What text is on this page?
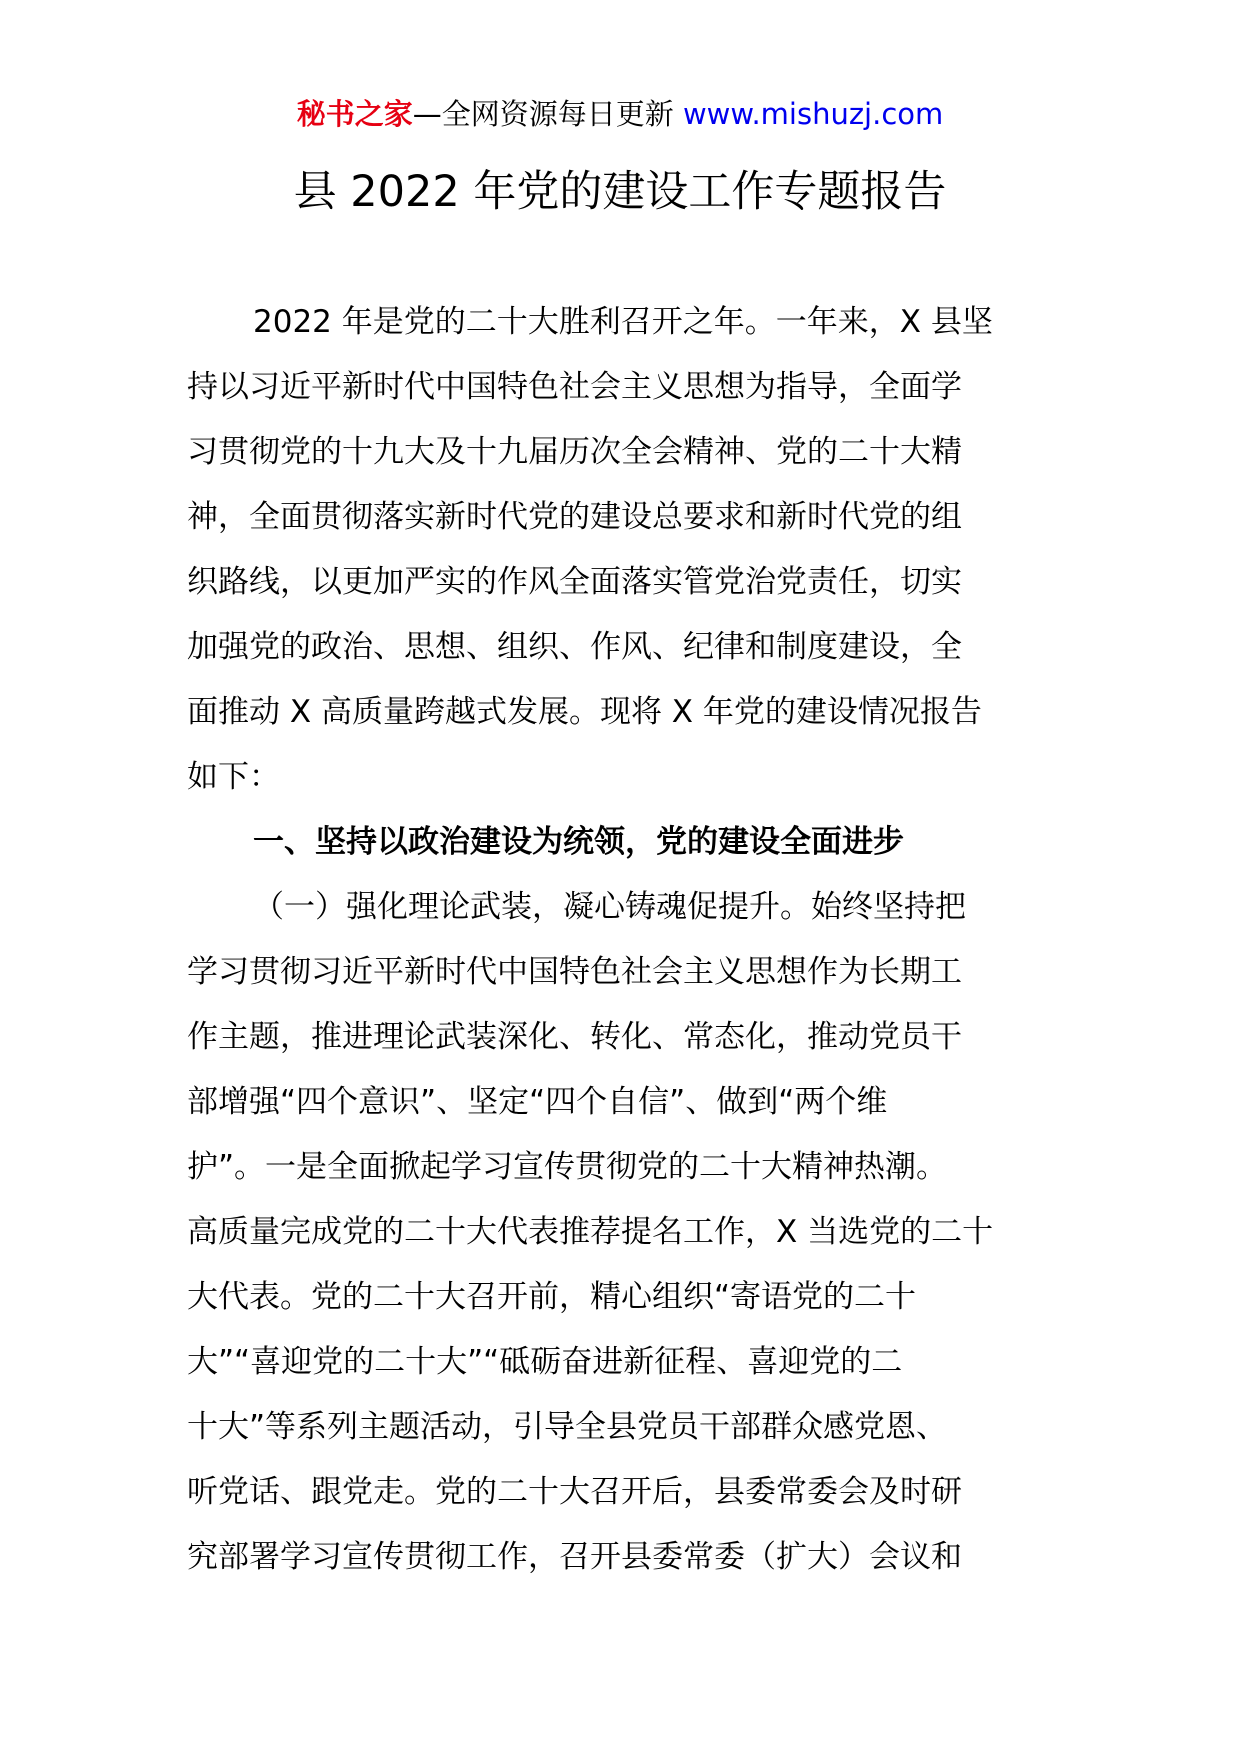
秘书之家—全网资源每日更新 www.mishuzj.com
县 2022 年党的建设工作专题报告
2022 年是党的二十大胜利召开之年。一年来，X 县坚
持以习近平新时代中国特色社会主义思想为指导，全面学
习贯彻党的十九大及十九届历次全会精神、党的二十大精
神，全面贯彻落实新时代党的建设总要求和新时代党的组
织路线，以更加严实的作风全面落实管党治党责任，切实
加强党的政治、思想、组织、作风、纪律和制度建设，全
面推动 X 高质量跨越式发展。现将 X 年党的建设情况报告
如下：
一、坚持以政治建设为统领，党的建设全面进步
（一）强化理论武装，凝心铸魂促提升。始终坚持把
学习贯彻习近平新时代中国特色社会主义思想作为长期工
作主题，推进理论武装深化、转化、常态化，推动党员干
部增强“四个意识”、坚定“四个自信”、做到“两个维
护”。一是全面掀起学习宣传贯彻党的二十大精神热潮。
高质量完成党的二十大代表推荐提名工作，X 当选党的二十
大代表。党的二十大召开前，精心组织“寄语党的二十
大”“喜迎党的二十大”“砥砺奋进新征程、喜迎党的二
十大”等系列主题活动，引导全县党员干部群众感党恩、
听党话、跟党走。党的二十大召开后，县委常委会及时研
究部署学习宣传贯彻工作，召开县委常委（扩大）会议和
